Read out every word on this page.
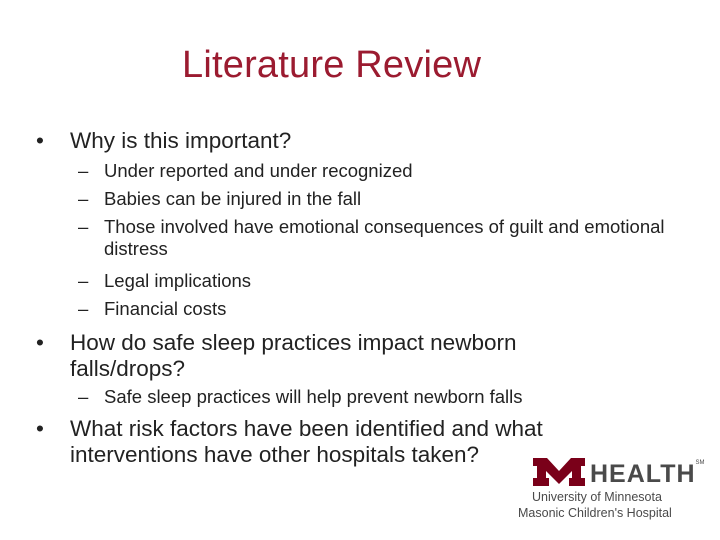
Literature Review
• Why is this important?
– Under reported and under recognized
– Babies can be injured in the fall
– Those involved have emotional consequences of guilt and emotional distress
– Legal implications
– Financial costs
• How do safe sleep practices impact newborn falls/drops?
– Safe sleep practices will help prevent newborn falls
• What risk factors have been identified and what interventions have other hospitals taken?
HEALTH℠
University of Minnesota
Masonic Children's Hospital
